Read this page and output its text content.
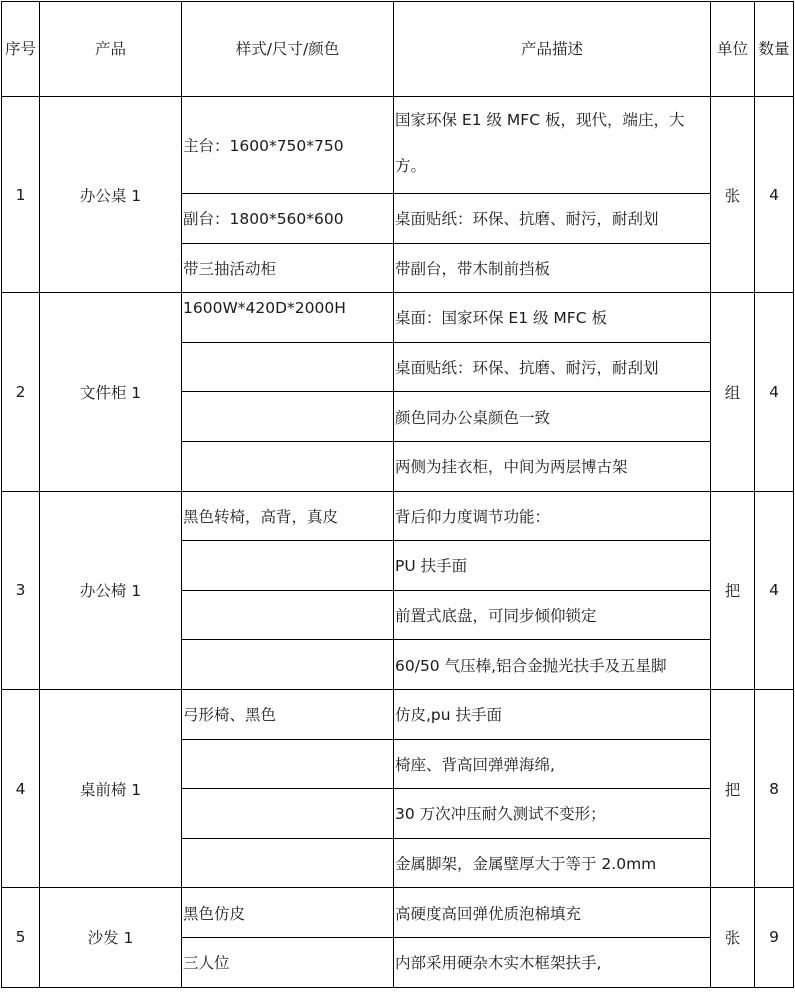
序号	产品	样式/尺寸/颜色	产品描述	单位	数量
1	办公桌 1	主台：1600*750*750	国家环保 E1 级 MFC 板，现代，端庄，大方。	张	4
		副台：1800*560*600	桌面贴纸：环保、抗磨、耐污，耐刮划		
		带三抽活动柜	带副台，带木制前挡板		
2	文件柜 1	1600W*420D*2000H	桌面：国家环保 E1 级 MFC 板	组	4
			桌面贴纸：环保、抗磨、耐污，耐刮划		
			颜色同办公桌颜色一致		
			两侧为挂衣柜，中间为两层博古架		
3	办公椅 1	黑色转椅，高背，真皮	背后仰力度调节功能：	把	4
			PU 扶手面		
			前置式底盘，可同步倾仰锁定		
			60/50 气压棒,铝合金抛光扶手及五星脚		
4	桌前椅 1	弓形椅、黑色	仿皮,pu 扶手面	把	8
			椅座、背高回弹弹海绵,		
			30 万次冲压耐久测试不变形；		
			金属脚架，金属壁厚大于等于 2.0mm		
5	沙发 1	黑色仿皮	高硬度高回弹优质泡棉填充	张	9
		三人位	内部采用硬杂木实木框架扶手,		
